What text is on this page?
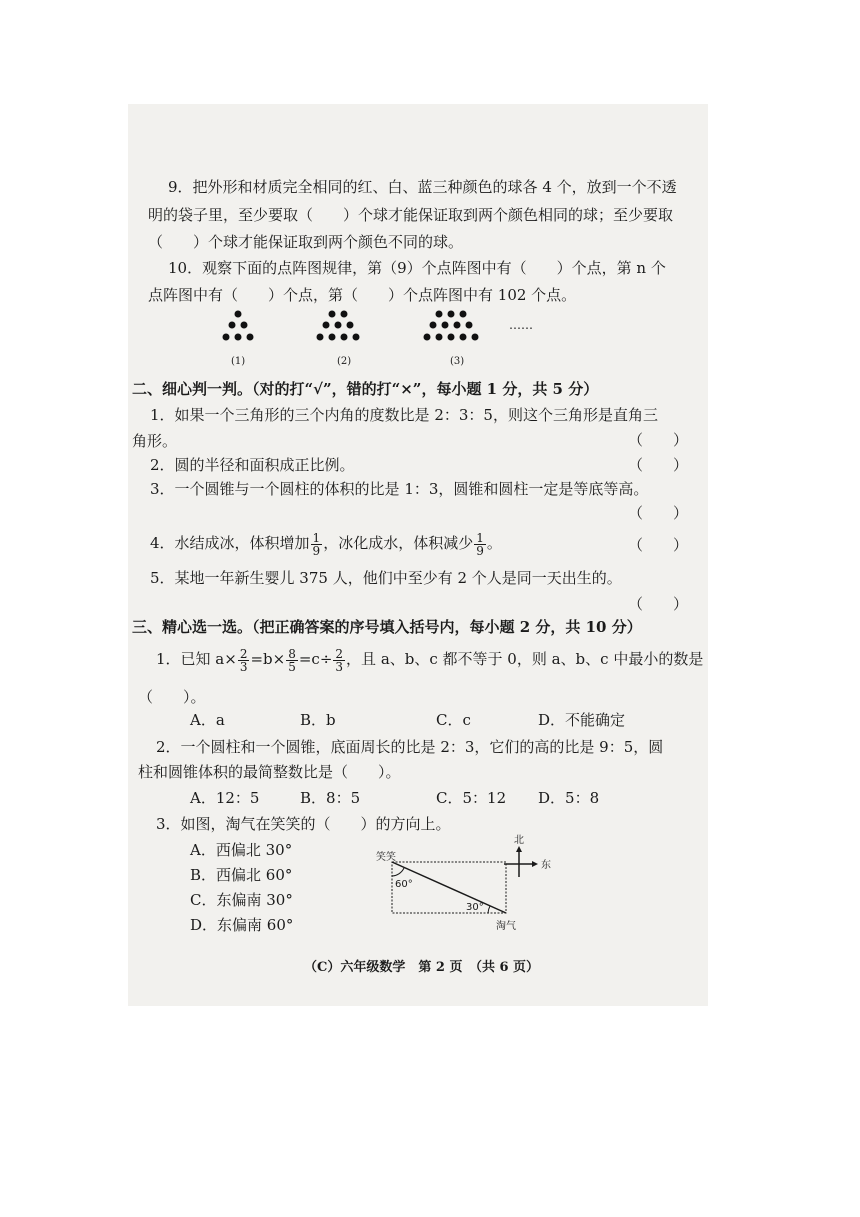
9．把外形和材质完全相同的红、白、蓝三种颜色的球各 4 个，放到一个不透
明的袋子里，至少要取（　　）个球才能保证取到两个颜色相同的球；至少要取
（　　）个球才能保证取到两个颜色不同的球。
10．观察下面的点阵图规律，第（9）个点阵图中有（　　）个点，第 n 个
点阵图中有（　　）个点，第（　　）个点阵图中有 102 个点。
(1)	(2)	(3)
……
二、细心判一判。（对的打“√”，错的打“×”，每小题 1 分，共 5 分）
1．如果一个三角形的三个内角的度数比是 2：3：5，则这个三角形是直角三
角形。	（　　）
2．圆的半径和面积成正比例。	（　　）
3．一个圆锥与一个圆柱的体积的比是 1：3，圆锥和圆柱一定是等底等高。
（　　）
4．水结成冰，体积增加 $\frac{1}{9}$ ，冰化成水，体积减少 $\frac{1}{9}$ 。	（　　）
5．某地一年新生婴儿 375 人，他们中至少有 2 个人是同一天出生的。
（　　）
三、精心选一选。（把正确答案的序号填入括号内，每小题 2 分，共 10 分）
1．已知 $a\times \frac{2}{3} =b\times \frac{8}{5} =c\div \frac{2}{3}$ ，且 a、b、c 都不等于 0，则 a、b、c 中最小的数是
（　　）。
A．a	B．b	C．c	D．不能确定
2．一个圆柱和一个圆锥，底面周长的比是 2：3，它们的高的比是 9：5，圆
柱和圆锥体积的最简整数比是（　　）。
A．12：5	B．8：5	C．5：12 D．5：8
3．如图，淘气在笑笑的（　　）的方向上。
A．西偏北 30°
B．西偏北 60°
C．东偏南 30°
D．东偏南 60°
笑笑
60°
30°
淘气
北
东
（C）六年级数学　第 2 页　（共 6 页）
